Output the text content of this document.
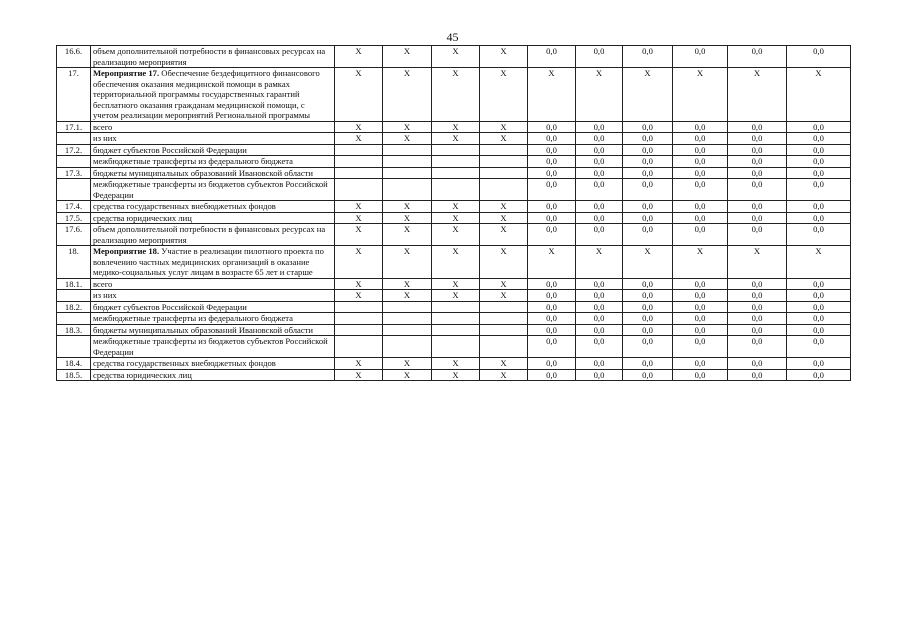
45
16.6.	объем дополнительной потребности в финансовых ресурсах на реализацию мероприятия	X	X	X	X	0,0	0,0	0,0	0,0	0,0	0,0
17.	Мероприятие 17. Обеспечение бездефицитного финансового обеспечения оказания медицинской помощи в рамках территориальной программы государственных гарантий бесплатного оказания гражданам медицинской помощи, с учетом реализации мероприятий Региональной программы	X	X	X	X	X	X	X	X	X	X
17.1.	всего	X	X	X	X	0,0	0,0	0,0	0,0	0,0	0,0
	из них	X	X	X	X	0,0	0,0	0,0	0,0	0,0	0,0
17.2.	бюджет субъектов Российской Федерации					0,0	0,0	0,0	0,0	0,0	0,0
	межбюджетные трансферты из федерального бюджета					0,0	0,0	0,0	0,0	0,0	0,0
17.3.	бюджеты муниципальных образований Ивановской области					0,0	0,0	0,0	0,0	0,0	0,0
	межбюджетные трансферты из бюджетов субъектов Российской Федерации					0,0	0,0	0,0	0,0	0,0	0,0
17.4.	средства государственных внебюджетных фондов	X	X	X	X	0,0	0,0	0,0	0,0	0,0	0,0
17.5.	средства юридических лиц	X	X	X	X	0,0	0,0	0,0	0,0	0,0	0,0
17.6.	объем дополнительной потребности в финансовых ресурсах на реализацию мероприятия	X	X	X	X	0,0	0,0	0,0	0,0	0,0	0,0
18.	Мероприятие 18. Участие в реализации пилотного проекта по вовлечению частных медицинских организаций в оказание медико-социальных услуг лицам в возрасте 65 лет и старше	X	X	X	X	X	X	X	X	X	X
18.1.	всего	X	X	X	X	0,0	0,0	0,0	0,0	0,0	0,0
	из них	X	X	X	X	0,0	0,0	0,0	0,0	0,0	0,0
18.2.	бюджет субъектов Российской Федерации					0,0	0,0	0,0	0,0	0,0	0,0
	межбюджетные трансферты из федерального бюджета					0,0	0,0	0,0	0,0	0,0	0,0
18.3.	бюджеты муниципальных образований Ивановской области					0,0	0,0	0,0	0,0	0,0	0,0
	межбюджетные трансферты из бюджетов субъектов Российской Федерации					0,0	0,0	0,0	0,0	0,0	0,0
18.4.	средства государственных внебюджетных фондов	X	X	X	X	0,0	0,0	0,0	0,0	0,0	0,0
18.5.	средства юридических лиц	X	X	X	X	0,0	0,0	0,0	0,0	0,0	0,0
